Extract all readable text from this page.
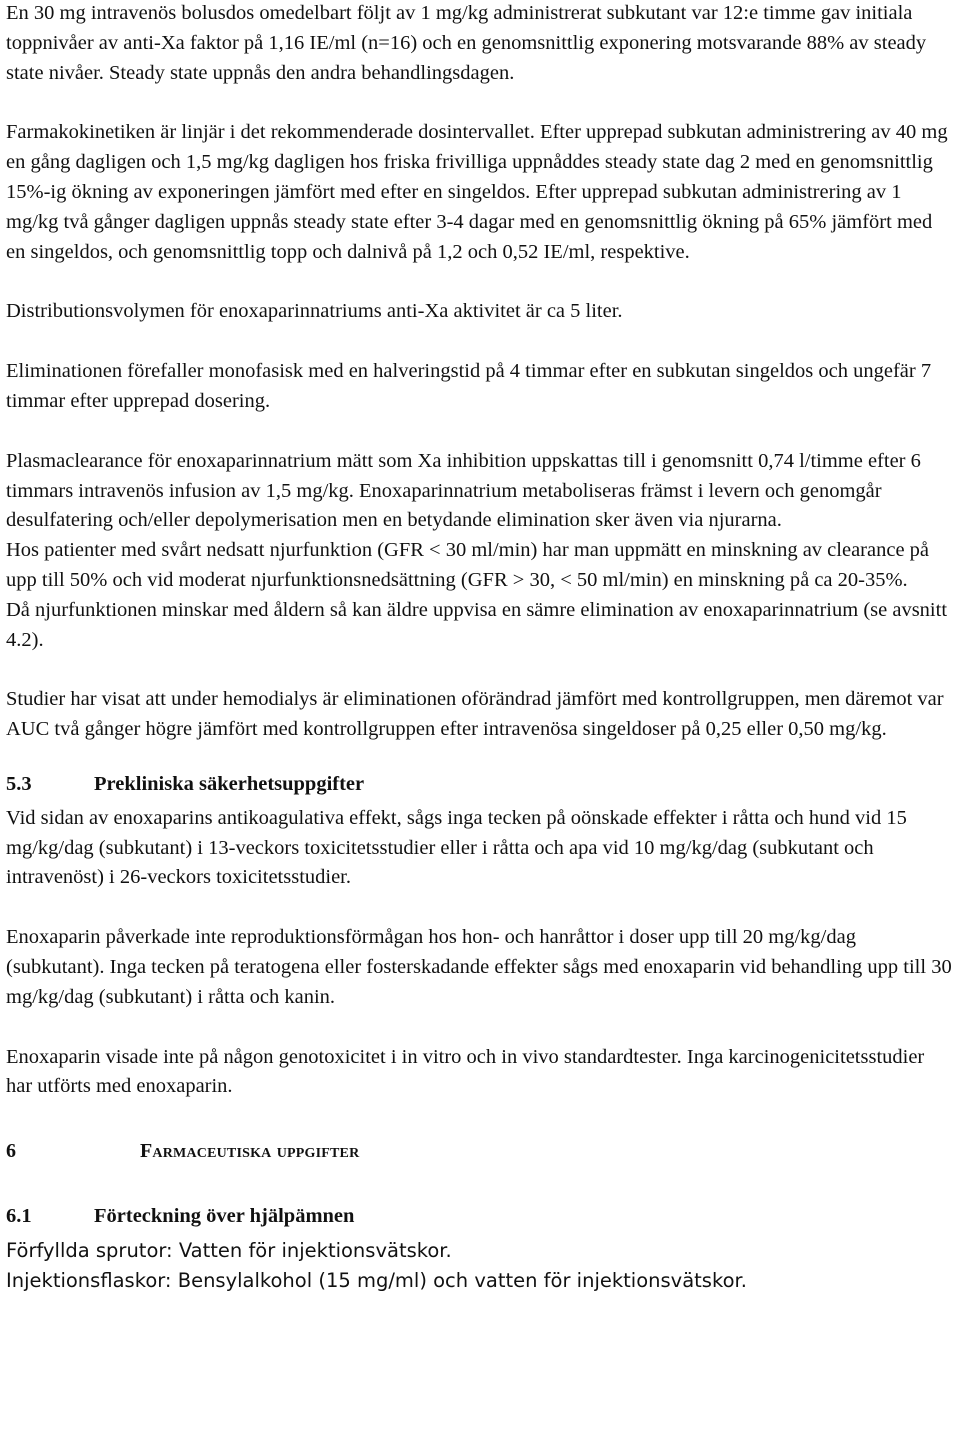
En 30 mg intravenös bolusdos omedelbart följt av 1 mg/kg administrerat subkutant var 12:e timme gav initiala toppnivåer av anti-Xa faktor på 1,16 IE/ml (n=16) och en genomsnittlig exponering motsvarande 88% av steady state nivåer. Steady state uppnås den andra behandlingsdagen.

Farmakokinetiken är linjär i det rekommenderade dosintervallet. Efter upprepad subkutan administrering av 40 mg en gång dagligen och 1,5 mg/kg dagligen hos friska frivilliga uppnåddes steady state dag 2 med en genomsnittlig 15%-ig ökning av exponeringen jämfört med efter en singeldos. Efter upprepad subkutan administrering av 1 mg/kg två gånger dagligen uppnås steady state efter 3-4 dagar med en genomsnittlig ökning på 65% jämfört med en singeldos, och genomsnittlig topp och dalnivå på 1,2 och 0,52 IE/ml, respektive.

Distributionsvolymen för enoxaparinnatriums anti-Xa aktivitet är ca 5 liter.

Eliminationen förefaller monofasisk med en halveringstid på 4 timmar efter en subkutan singeldos och ungefär 7 timmar efter upprepad dosering.

Plasmaclearance för enoxaparinnatrium mätt som Xa inhibition uppskattas till i genomsnitt 0,74 l/timme efter 6 timmars intravenös infusion av 1,5 mg/kg. Enoxaparinnatrium metaboliseras främst i levern och genomgår desulfatering och/eller depolymerisation men en betydande elimination sker även via njurarna.

Hos patienter med svårt nedsatt njurfunktion (GFR < 30 ml/min) har man uppmätt en minskning av clearance på upp till 50% och vid moderat njurfunktionsnedsättning (GFR > 30, < 50 ml/min) en minskning på ca 20-35%.

Då njurfunktionen minskar med åldern så kan äldre uppvisa en sämre elimination av enoxaparinnatrium (se avsnitt 4.2).

Studier har visat att under hemodialys är eliminationen oförändrad jämfört med kontrollgruppen, men däremot var AUC två gånger högre jämfört med kontrollgruppen efter intravenösa singeldoser på 0,25 eller 0,50 mg/kg.

5.3	Prekliniska säkerhetsuppgifter

Vid sidan av enoxaparins antikoagulativa effekt, sågs inga tecken på oönskade effekter i råtta och hund vid 15 mg/kg/dag (subkutant) i 13-veckors toxicitetsstudier eller i råtta och apa vid 10 mg/kg/dag (subkutant och intravenöst) i 26-veckors toxicitetsstudier.

Enoxaparin påverkade inte reproduktionsförmågan hos hon- och hanråttor i doser upp till 20 mg/kg/dag (subkutant). Inga tecken på teratogena eller fosterskadande effekter sågs med enoxaparin vid behandling upp till 30 mg/kg/dag (subkutant) i råtta och kanin.

Enoxaparin visade inte på någon genotoxicitet i in vitro och in vivo standardtester. Inga karcinogenicitetsstudier har utförts med enoxaparin.

6	Farmaceutiska uppgifter
6.1	Förteckning över hjälpämnen
Förfyllda sprutor: Vatten för injektionsvätskor.
Injektionsflaskor: Bensylalkohol (15 mg/ml) och vatten för injektionsvätskor.
